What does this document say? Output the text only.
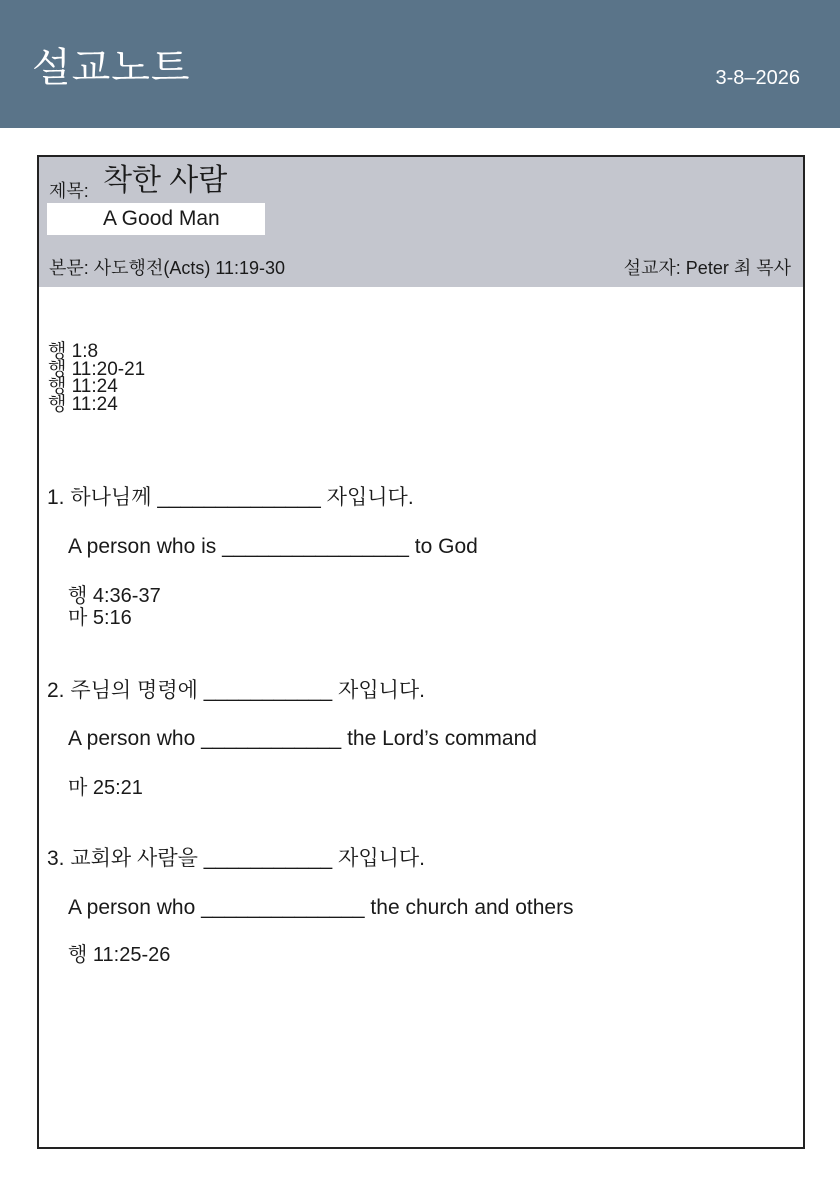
설교노트	3-8–2026
제목: 착한 사람
A Good Man
본문: 사도행전(Acts) 11:19-30	설교자: Peter 최 목사
행 1:8
행 11:20-21
행 11:24
행 11:24
1. 하나님께 ______________ 자입니다.
A person who is ________________ to God
행 4:36-37
마 5:16
2. 주님의 명령에 ___________ 자입니다.
A person who ____________ the Lord’s command
마 25:21
3. 교회와 사람을 ___________ 자입니다.
A person who ______________ the church and others
행 11:25-26
